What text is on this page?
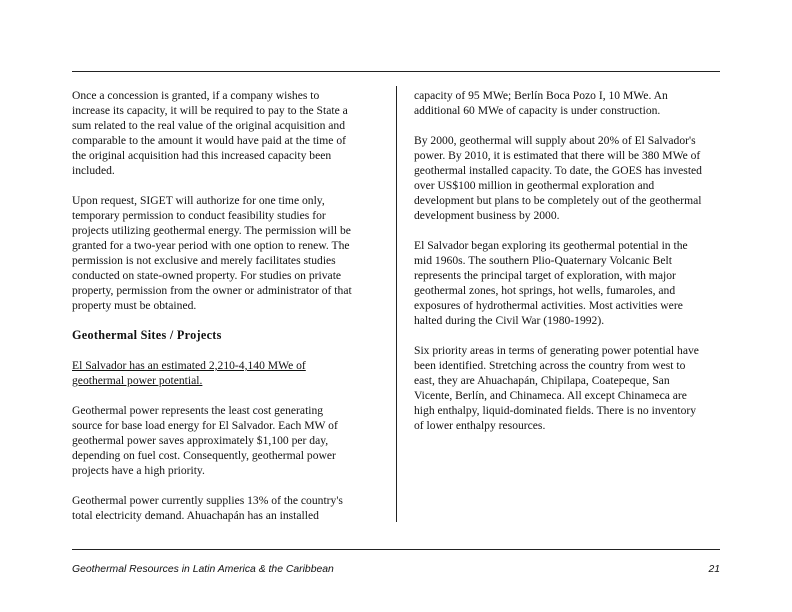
Once a concession is granted, if a company wishes to increase its capacity, it will be required to pay to the State a sum related to the real value of the original acquisition and comparable to the amount it would have paid at the time of the original acquisition had this increased capacity been included.

Upon request, SIGET will authorize for one time only, temporary permission to conduct feasibility studies for projects utilizing geothermal energy. The permission will be granted for a two-year period with one option to renew. The permission is not exclusive and merely facilitates studies conducted on state-owned property. For studies on private property, permission from the owner or administrator of that property must be obtained.

Geothermal Sites / Projects

El Salvador has an estimated 2,210-4,140 MWe of geothermal power potential.

Geothermal power represents the least cost generating source for base load energy for El Salvador. Each MW of geothermal power saves approximately $1,100 per day, depending on fuel cost. Consequently, geothermal power projects have a high priority.

Geothermal power currently supplies 13% of the country's total electricity demand. Ahuachapán has an installed

capacity of 95 MWe; Berlín Boca Pozo I, 10 MWe. An additional 60 MWe of capacity is under construction.

By 2000, geothermal will supply about 20% of El Salvador's power. By 2010, it is estimated that there will be 380 MWe of geothermal installed capacity. To date, the GOES has invested over US$100 million in geothermal exploration and development but plans to be completely out of the geothermal development business by 2000.

El Salvador began exploring its geothermal potential in the mid 1960s. The southern Plio-Quaternary Volcanic Belt represents the principal target of exploration, with major geothermal zones, hot springs, hot wells, fumaroles, and exposures of hydrothermal activities. Most activities were halted during the Civil War (1980-1992).

Six priority areas in terms of generating power potential have been identified. Stretching across the country from west to east, they are Ahuachapán, Chipilapa, Coatepeque, San Vicente, Berlín, and Chinameca. All except Chinameca are high enthalpy, liquid-dominated fields. There is no inventory of lower enthalpy resources.

Geothermal Resources in Latin America & the Caribbean	21
